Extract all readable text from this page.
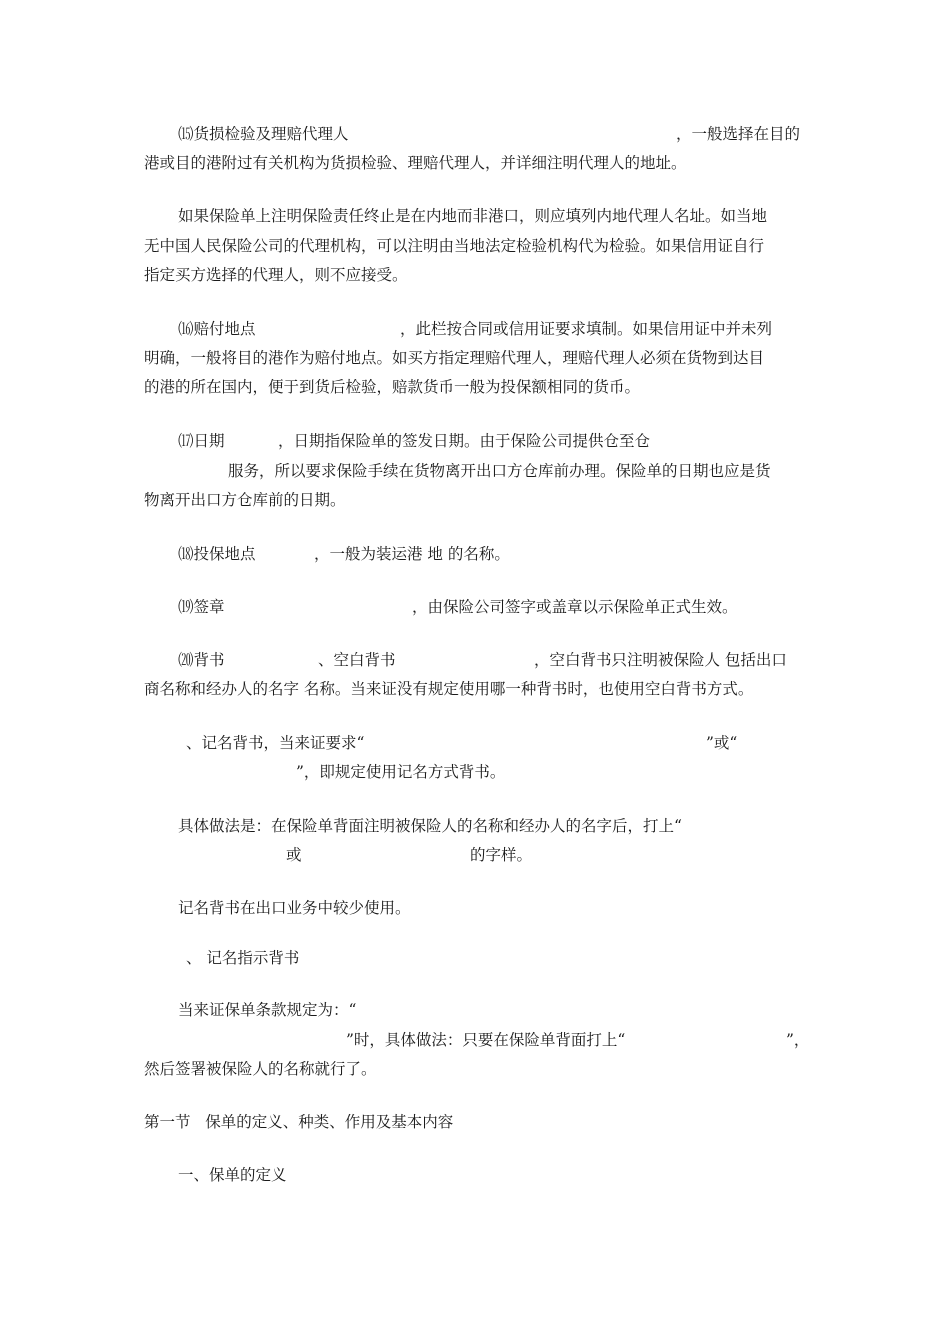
⒂货损检验及理赔代理人	，一般选择在目的
港或目的港附过有关机构为货损检验、理赔代理人，并详细注明代理人的地址。
如果保险单上注明保险责任终止是在内地而非港口，则应填列内地代理人名址。如当地
无中国人民保险公司的代理机构，可以注明由当地法定检验机构代为检验。如果信用证自行
指定买方选择的代理人，则不应接受。
⒃赔付地点	，此栏按合同或信用证要求填制。如果信用证中并未列
明确，一般将目的港作为赔付地点。如买方指定理赔代理人，理赔代理人必须在货物到达目
的港的所在国内，便于到货后检验，赔款货币一般为投保额相同的货币。
⒄日期	，日期指保险单的签发日期。由于保险公司提供仓至仓
服务，所以要求保险手续在货物离开出口方仓库前办理。保险单的日期也应是货
物离开出口方仓库前的日期。
⒅投保地点	，一般为装运港 地 的名称。
⒆签章	，由保险公司签字或盖章以示保险单正式生效。
⒇背书	、空白背书	，空白背书只注明被保险人 包括出口
商名称和经办人的名字 名称。当来证没有规定使用哪一种背书时，也使用空白背书方式。
、记名背书，当来证要求“	”或“
”，即规定使用记名方式背书。
具体做法是：在保险单背面注明被保险人的名称和经办人的名字后，打上“
或	的字样。
记名背书在出口业务中较少使用。
、 记名指示背书
当来证保单条款规定为：“
”时，具体做法：只要在保险单背面打上“	”，
然后签署被保险人的名称就行了。
第一节   保单的定义、种类、作用及基本内容
一、保单的定义
